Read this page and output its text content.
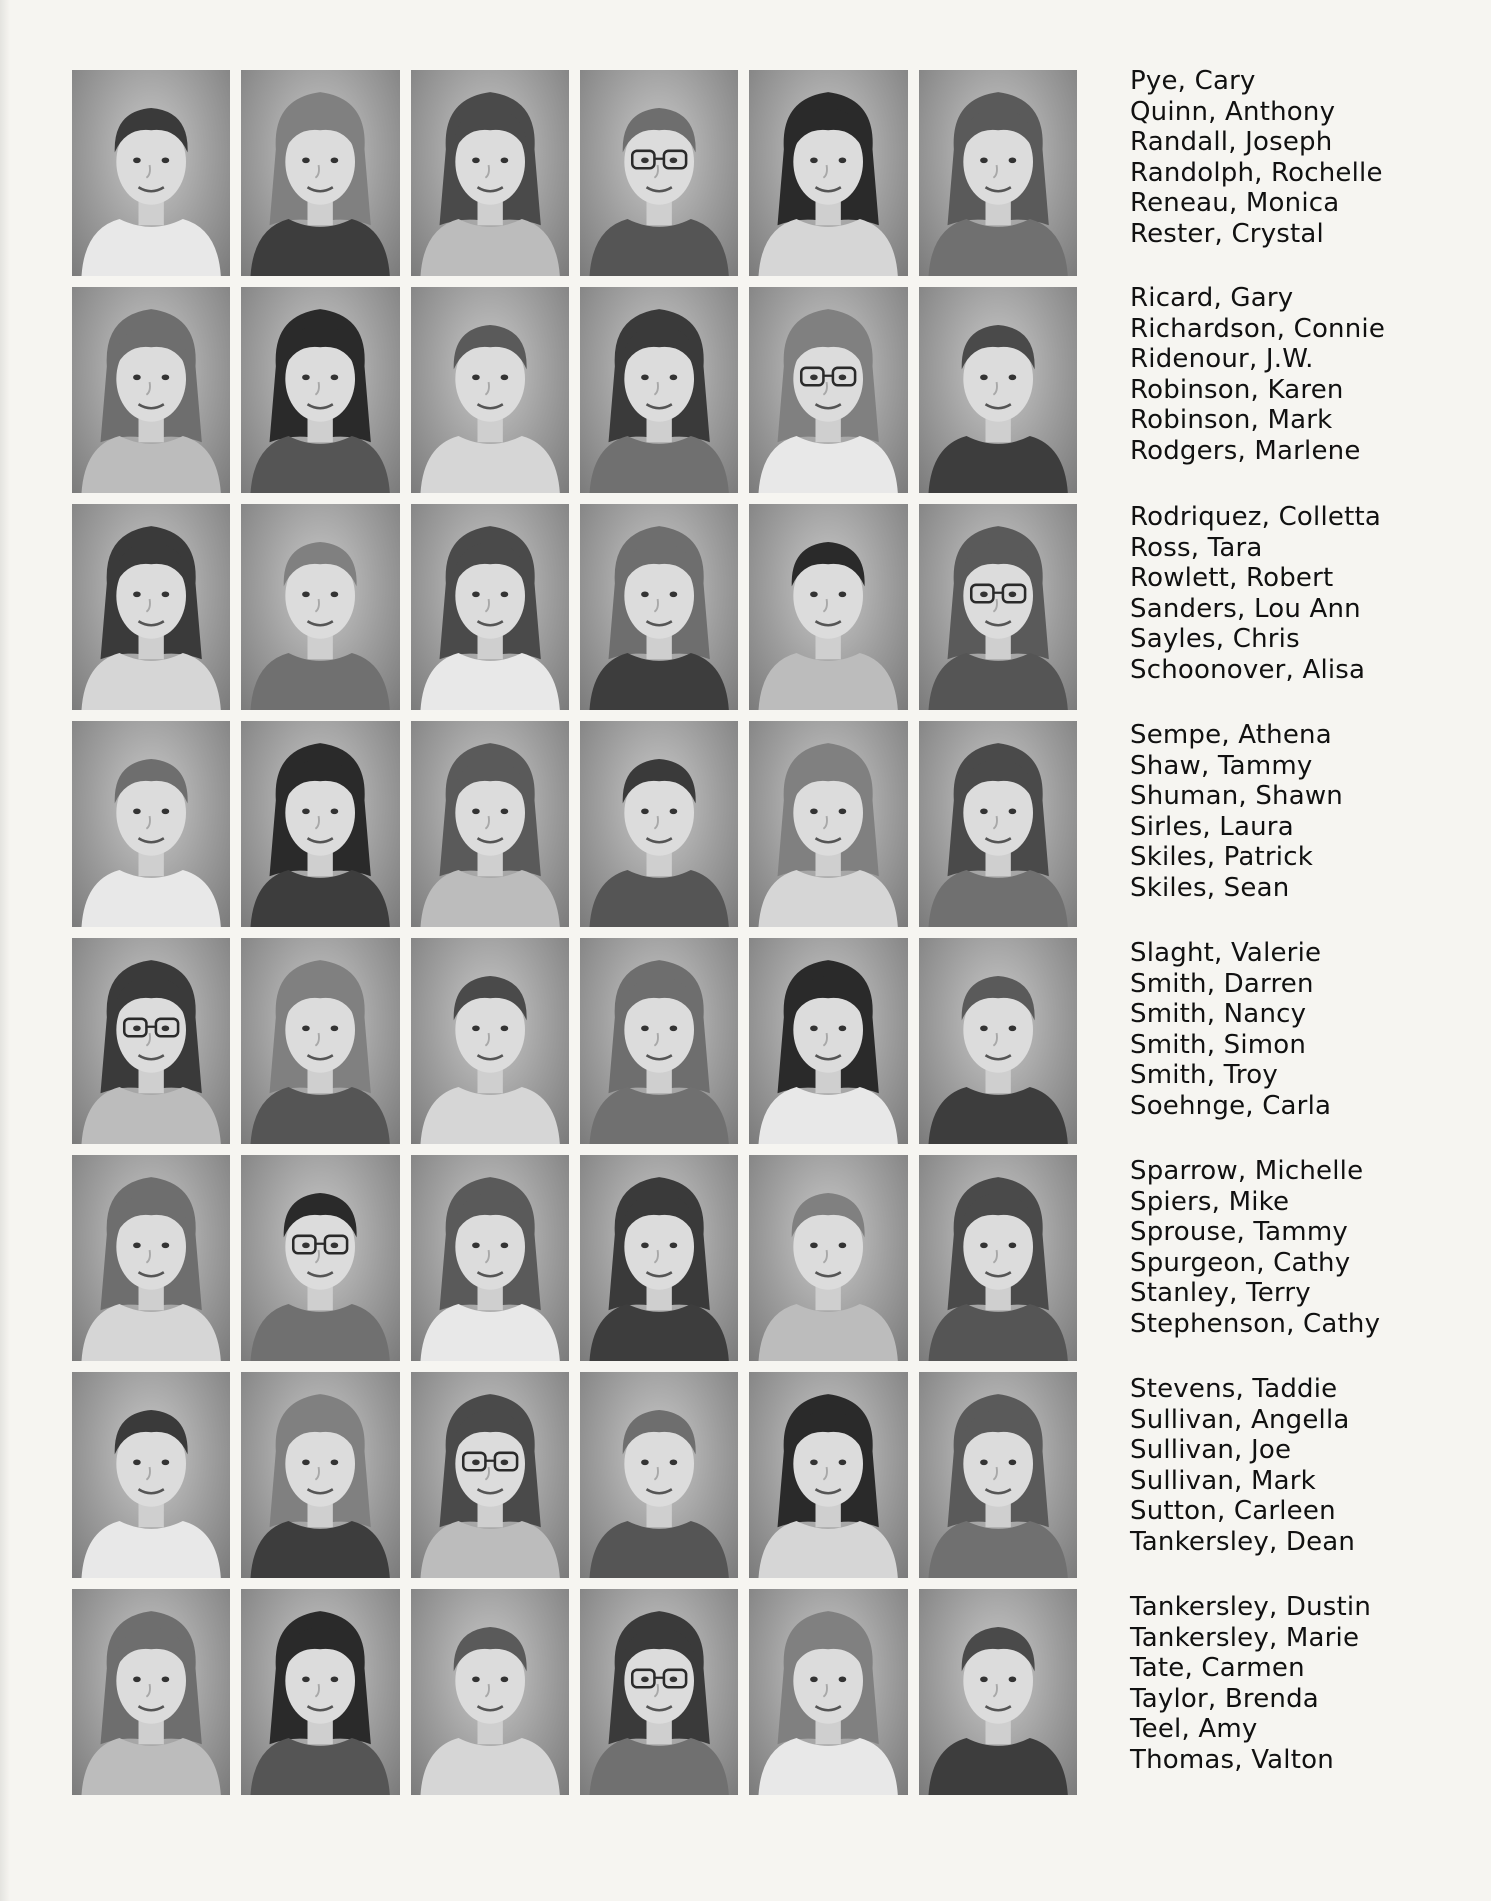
Pye, Cary
Quinn, Anthony
Randall, Joseph
Randolph, Rochelle
Reneau, Monica
Rester, Crystal
Ricard, Gary
Richardson, Connie
Ridenour, J.W.
Robinson, Karen
Robinson, Mark
Rodgers, Marlene
Rodriquez, Colletta
Ross, Tara
Rowlett, Robert
Sanders, Lou Ann
Sayles, Chris
Schoonover, Alisa
Sempe, Athena
Shaw, Tammy
Shuman, Shawn
Sirles, Laura
Skiles, Patrick
Skiles, Sean
Slaght, Valerie
Smith, Darren
Smith, Nancy
Smith, Simon
Smith, Troy
Soehnge, Carla
Sparrow, Michelle
Spiers, Mike
Sprouse, Tammy
Spurgeon, Cathy
Stanley, Terry
Stephenson, Cathy
Stevens, Taddie
Sullivan, Angella
Sullivan, Joe
Sullivan, Mark
Sutton, Carleen
Tankersley, Dean
Tankersley, Dustin
Tankersley, Marie
Tate, Carmen
Taylor, Brenda
Teel, Amy
Thomas, Valton
